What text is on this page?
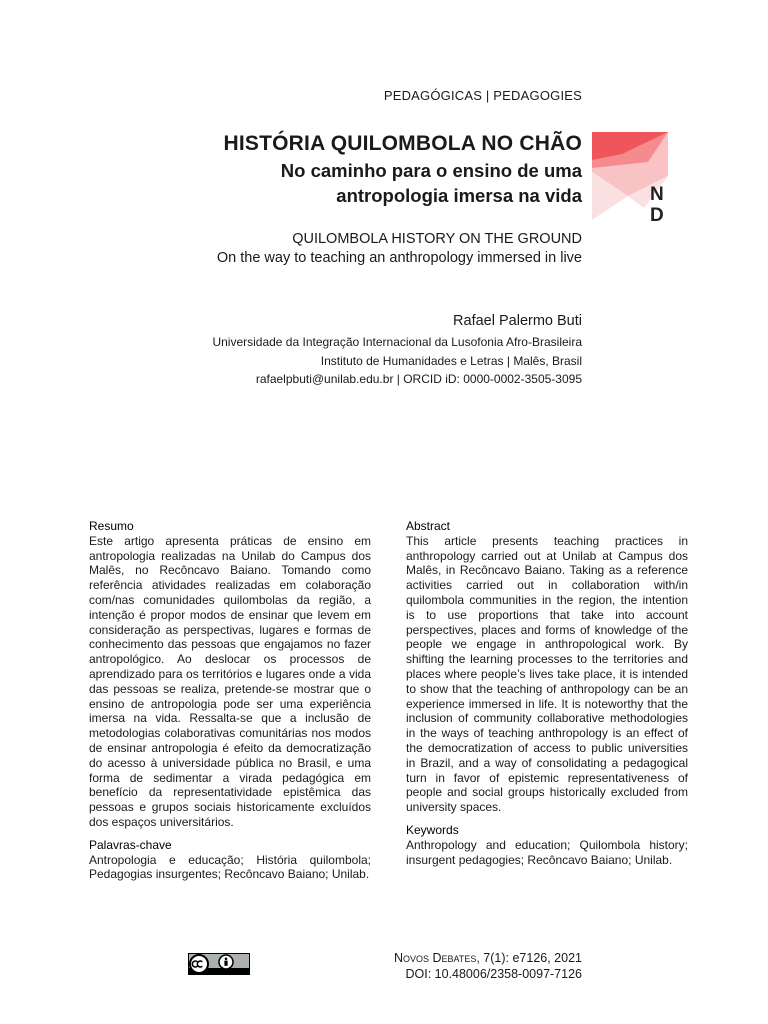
PEDAGÓGICAS | PEDAGOGIES
HISTÓRIA QUILOMBOLA NO CHÃO
No caminho para o ensino de uma
antropologia imersa na vida	N
D
QUILOMBOLA HISTORY ON THE GROUND
On the way to teaching an anthropology immersed in live
Rafael Palermo Buti
Universidade da Integração Internacional da Lusofonia Afro-Brasileira
Instituto de Humanidades e Letras | Malês, Brasil
rafaelpbuti@unilab.edu.br | ORCID iD: 0000-0002-3505-3095
Resumo
Este artigo apresenta práticas de ensino em antropologia realizadas na Unilab do Campus dos Malês, no Recôncavo Baiano. Tomando como referência atividades realizadas em colaboração com/nas comunidades quilombolas da região, a intenção é propor modos de ensinar que levem em consideração as perspectivas, lugares e formas de conhecimento das pessoas que engajamos no fazer antropológico. Ao deslocar os processos de aprendizado para os territórios e lugares onde a vida das pessoas se realiza, pretende-se mostrar que o ensino de antropologia pode ser uma experiência imersa na vida. Ressalta-se que a inclusão de metodologias colaborativas comunitárias nos modos de ensinar antropologia é efeito da democratização do acesso à universidade pública no Brasil, e uma forma de sedimentar a virada pedagógica em benefício da representatividade epistêmica das pessoas e grupos sociais historicamente excluídos dos espaços universitários.
Palavras-chave
Antropologia e educação; História quilombola; Pedagogias insurgentes; Recôncavo Baiano; Unilab.
Abstract
This article presents teaching practices in anthropology carried out at Unilab at Campus dos Malês, in Recôncavo Baiano. Taking as a reference activities carried out in collaboration with/in quilombola communities in the region, the intention is to use proportions that take into account perspectives, places and forms of knowledge of the people we engage in anthropological work. By shifting the learning processes to the territories and places where people’s lives take place, it is intended to show that the teaching of anthropology can be an experience immersed in life. It is noteworthy that the inclusion of community collaborative methodologies in the ways of teaching anthropology is an effect of the democratization of access to public universities in Brazil, and a way of consolidating a pedagogical turn in favor of epistemic representativeness of people and social groups historically excluded from university spaces.
Keywords
Anthropology and education; Quilombola history; insurgent pedagogies; Recôncavo Baiano; Unilab.
Novos Debates, 7(1): e7126, 2021
DOI: 10.48006/2358-0097-7126
